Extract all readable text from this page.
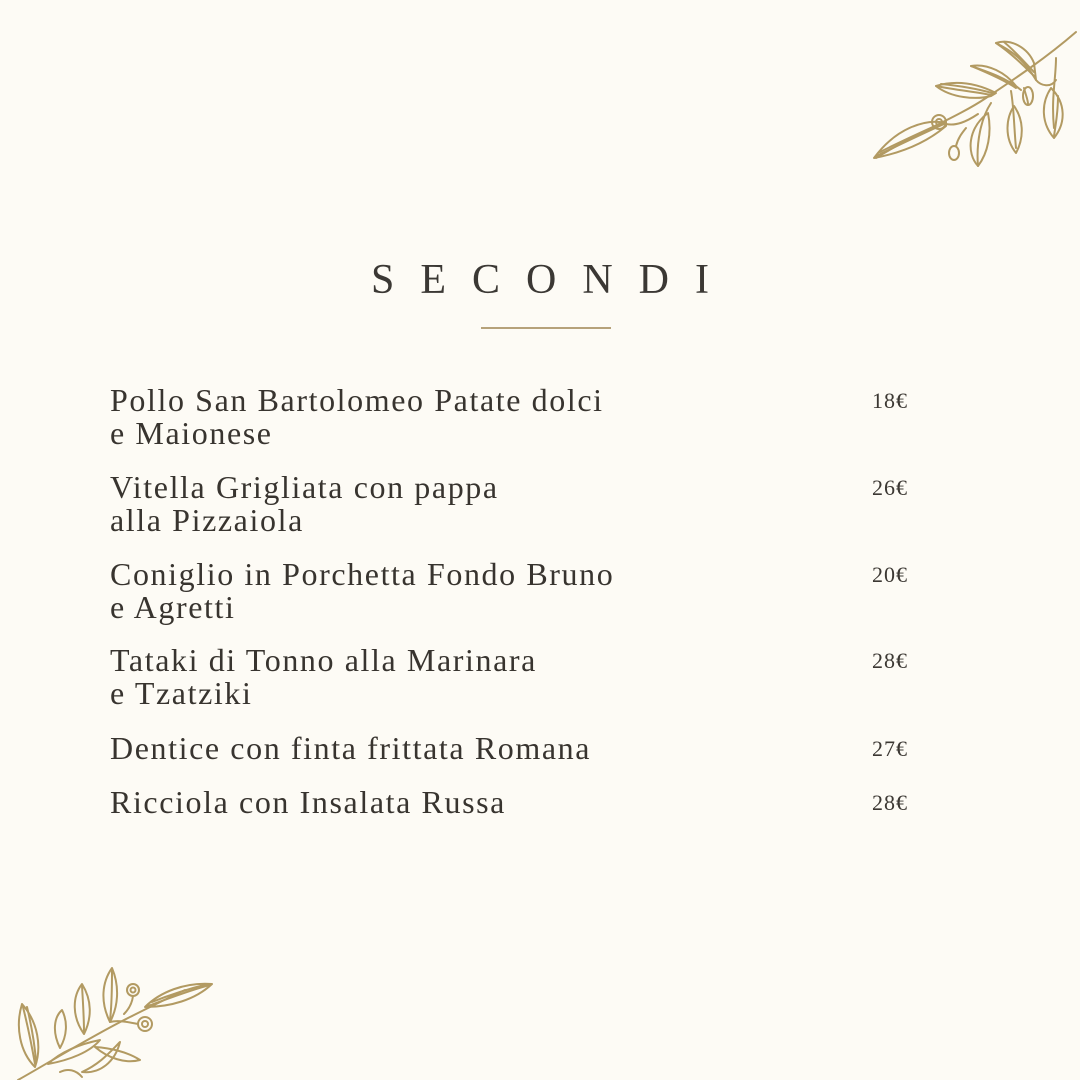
SECONDI
Pollo San Bartolomeo Patate dolci
e Maionese
18€
Vitella Grigliata con pappa
alla Pizzaiola
26€
Coniglio in Porchetta Fondo Bruno
e Agretti
20€
Tataki di Tonno alla Marinara
e Tzatziki
28€
Dentice con finta frittata Romana	27€
Ricciola con Insalata Russa	28€
